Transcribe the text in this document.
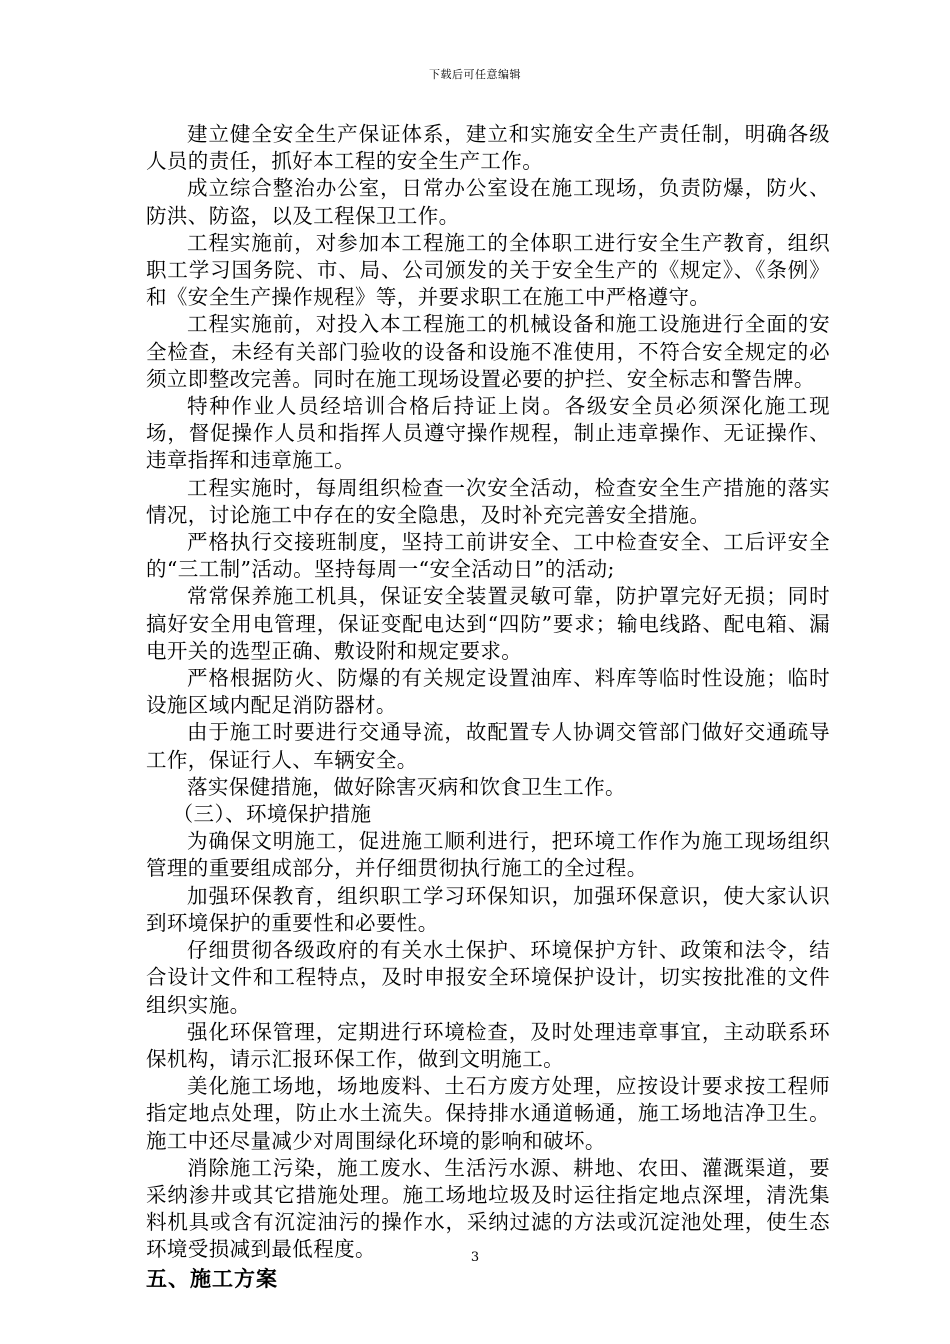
下载后可任意编辑

建立健全安全生产保证体系，建立和实施安全生产责任制，明确各级人员的责任，抓好本工程的安全生产工作。

成立综合整治办公室，日常办公室设在施工现场，负责防爆，防火、防洪、防盗，以及工程保卫工作。

工程实施前，对参加本工程施工的全体职工进行安全生产教育，组织职工学习国务院、市、局、公司颁发的关于安全生产的《规定》、《条例》和《安全生产操作规程》等，并要求职工在施工中严格遵守。

工程实施前，对投入本工程施工的机械设备和施工设施进行全面的安全检查，未经有关部门验收的设备和设施不准使用，不符合安全规定的必须立即整改完善。同时在施工现场设置必要的护拦、安全标志和警告牌。

特种作业人员经培训合格后持证上岗。各级安全员必须深化施工现场，督促操作人员和指挥人员遵守操作规程，制止违章操作、无证操作、违章指挥和违章施工。

工程实施时，每周组织检查一次安全活动，检查安全生产措施的落实情况，讨论施工中存在的安全隐患，及时补充完善安全措施。

严格执行交接班制度，坚持工前讲安全、工中检查安全、工后评安全的“三工制”活动。坚持每周一“安全活动日”的活动;

常常保养施工机具，保证安全装置灵敏可靠，防护罩完好无损；同时搞好安全用电管理，保证变配电达到“四防”要求；输电线路、配电箱、漏电开关的选型正确、敷设附和规定要求。

严格根据防火、防爆的有关规定设置油库、料库等临时性设施；临时设施区域内配足消防器材。

由于施工时要进行交通导流，故配置专人协调交管部门做好交通疏导工作，保证行人、车辆安全。

落实保健措施，做好除害灭病和饮食卫生工作。

（三）、环境保护措施

为确保文明施工，促进施工顺利进行，把环境工作作为施工现场组织管理的重要组成部分，并仔细贯彻执行施工的全过程。

加强环保教育，组织职工学习环保知识，加强环保意识，使大家认识到环境保护的重要性和必要性。

仔细贯彻各级政府的有关水土保护、环境保护方针、政策和法令，结合设计文件和工程特点，及时申报安全环境保护设计，切实按批准的文件组织实施。

强化环保管理，定期进行环境检查，及时处理违章事宜，主动联系环保机构，请示汇报环保工作，做到文明施工。

美化施工场地，场地废料、土石方废方处理，应按设计要求按工程师指定地点处理，防止水土流失。保持排水通道畅通，施工场地洁净卫生。施工中还尽量减少对周围绿化环境的影响和破坏。

消除施工污染，施工废水、生活污水源、耕地、农田、灌溉渠道，要采纳渗井或其它措施处理。施工场地垃圾及时运往指定地点深埋，清洗集料机具或含有沉淀油污的操作水，采纳过滤的方法或沉淀池处理，使生态环境受损减到最低程度。

五、施工方案

3
